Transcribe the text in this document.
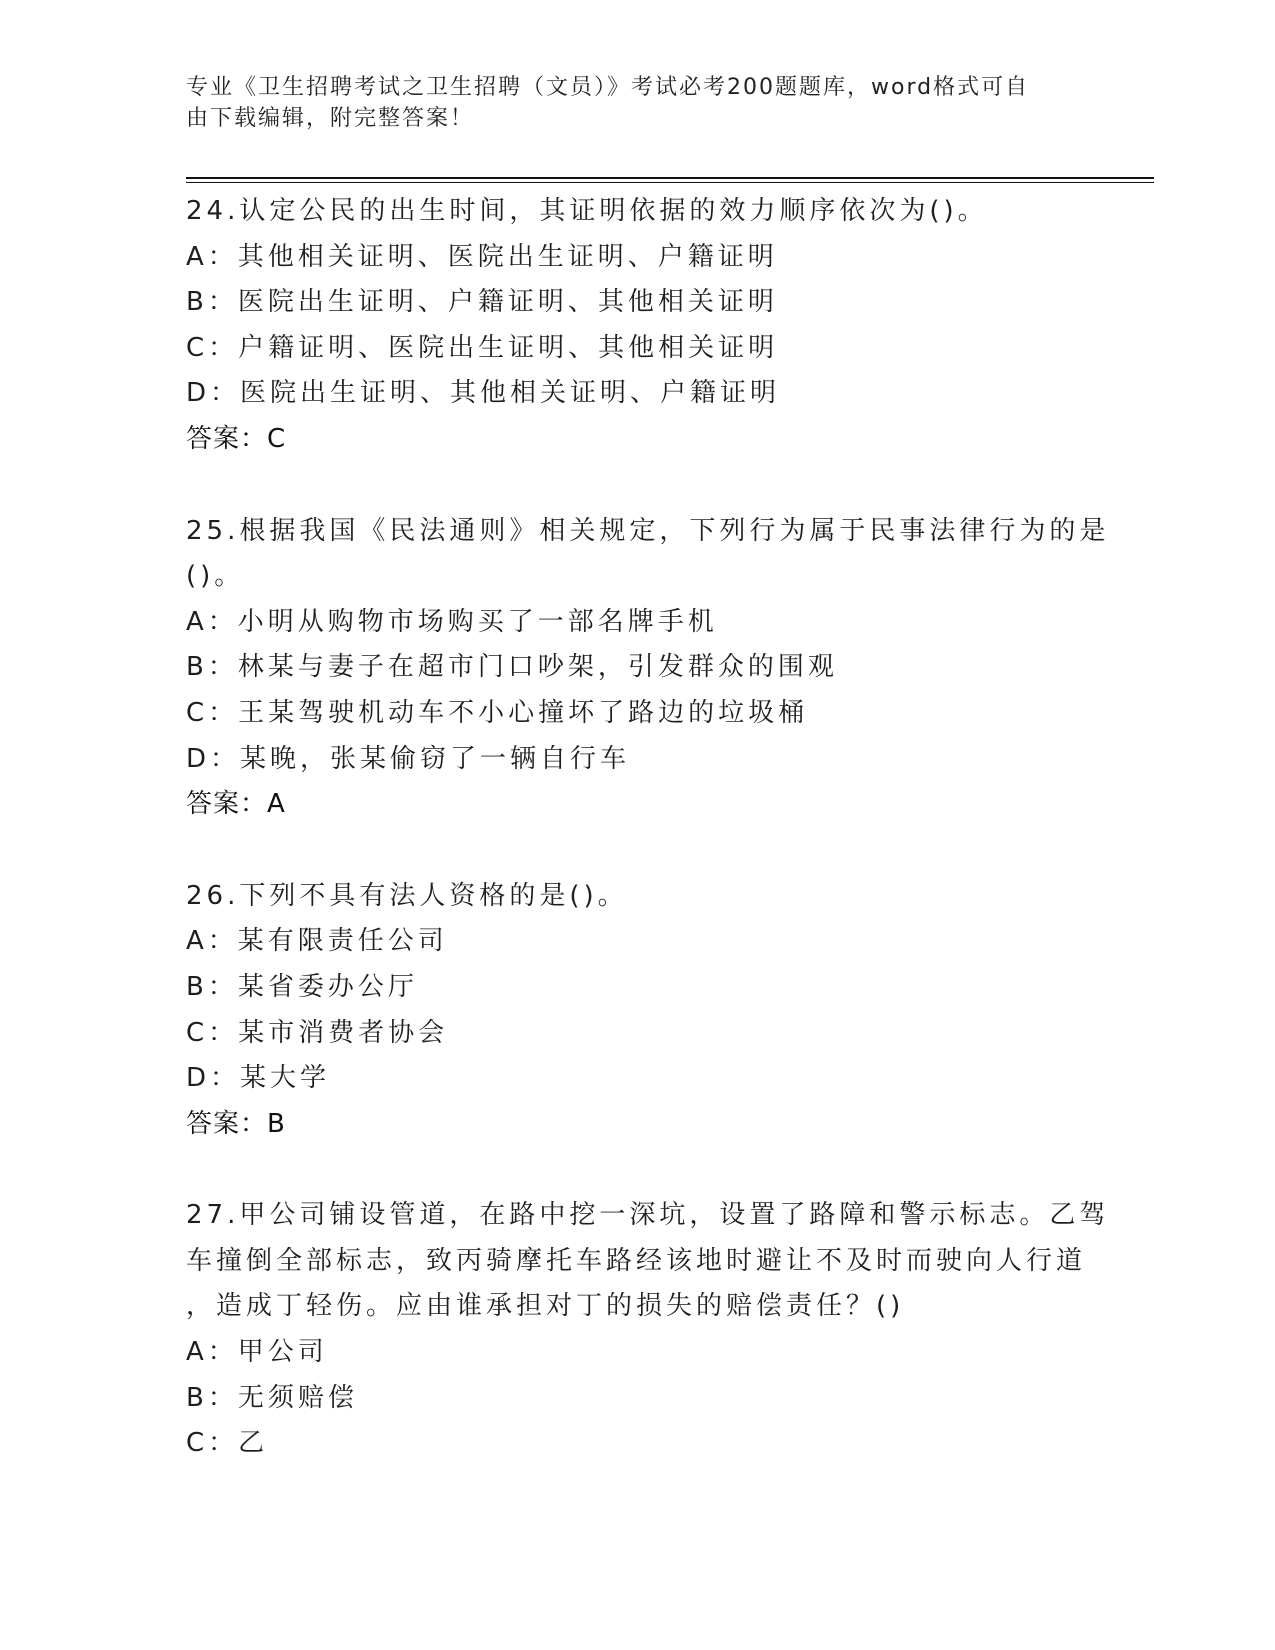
专业《卫生招聘考试之卫生招聘（文员）》考试必考200题题库，word格式可自
由下载编辑，附完整答案！
24.认定公民的出生时间，其证明依据的效力顺序依次为()。
A：其他相关证明、医院出生证明、户籍证明
B：医院出生证明、户籍证明、其他相关证明
C：户籍证明、医院出生证明、其他相关证明
D：医院出生证明、其他相关证明、户籍证明
答案：C
25.根据我国《民法通则》相关规定，下列行为属于民事法律行为的是
()。
A：小明从购物市场购买了一部名牌手机
B：林某与妻子在超市门口吵架，引发群众的围观
C：王某驾驶机动车不小心撞坏了路边的垃圾桶
D：某晚，张某偷窃了一辆自行车
答案：A
26.下列不具有法人资格的是()。
A：某有限责任公司
B：某省委办公厅
C：某市消费者协会
D：某大学
答案：B
27.甲公司铺设管道，在路中挖一深坑，设置了路障和警示标志。乙驾
车撞倒全部标志，致丙骑摩托车路经该地时避让不及时而驶向人行道
，造成丁轻伤。应由谁承担对丁的损失的赔偿责任？()
A：甲公司
B：无须赔偿
C：乙
